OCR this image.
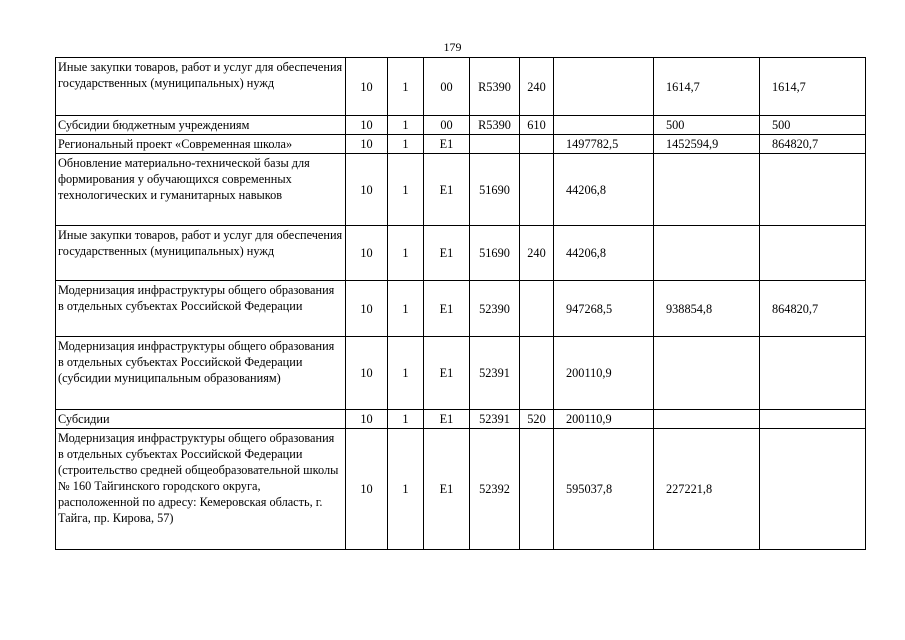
179
Иные закупки товаров, работ и услуг для обеспечения государственных (муниципальных) нужд	10	1	00	R5390	240		1614,7	1614,7
Субсидии бюджетным учреждениям	10	1	00	R5390	610		500	500
Региональный проект «Современная школа»	10	1	E1			1497782,5	1452594,9	864820,7
Обновление материально-технической базы для формирования у обучающихся современных технологических и гуманитарных навыков	10	1	E1	51690		44206,8		
Иные закупки товаров, работ и услуг для обеспечения государственных (муниципальных) нужд	10	1	E1	51690	240	44206,8		
Модернизация инфраструктуры общего образования в отдельных субъектах Российской Федерации	10	1	E1	52390		947268,5	938854,8	864820,7
Модернизация инфраструктуры общего образования в отдельных субъектах Российской Федерации (субсидии муниципальным образованиям)	10	1	E1	52391		200110,9		
Субсидии	10	1	E1	52391	520	200110,9		
Модернизация инфраструктуры общего образования в отдельных субъектах Российской Федерации (строительство средней общеобразовательной школы № 160 Тайгинского городского округа, расположенной по адресу: Кемеровская область, г. Тайга, пр. Кирова, 57)	10	1	E1	52392		595037,8	227221,8	
